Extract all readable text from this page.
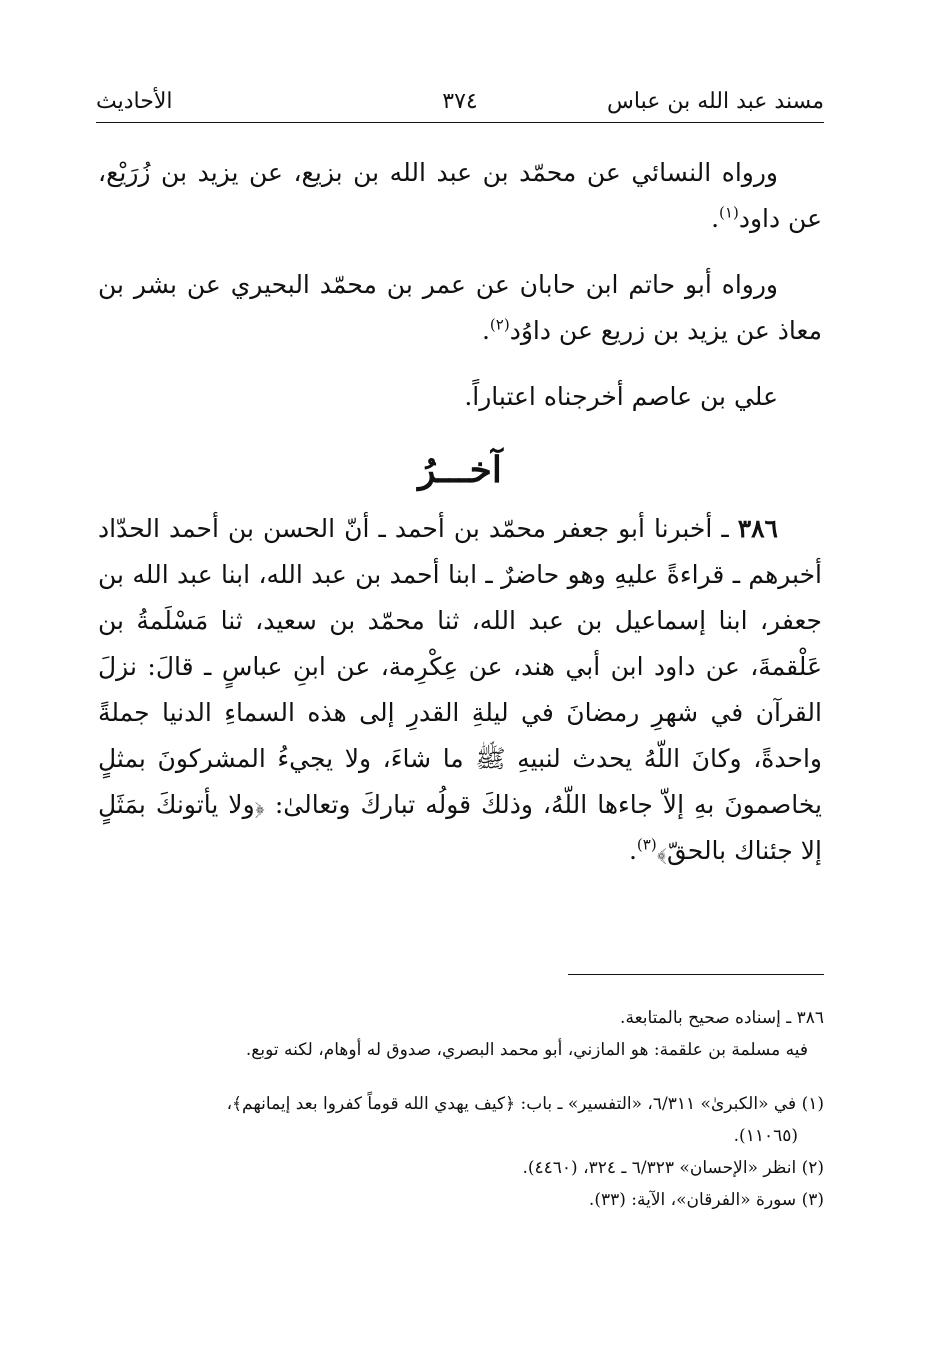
مسند عبد الله بن عباس
٣٧٤
الأحاديث

ورواه النسائي عن محمّد بن عبد الله بن بزيع، عن يزيد بن زُرَيْع، عن داود$^{(١)}$.

ورواه أبو حاتم ابن حابان عن عمر بن محمّد البحيري عن بشر بن معاذ عن يزيد بن زريع عن داوُد$^{(٢)}$.

علي بن عاصم أخرجناه اعتباراً.

آخـــرُ

٣٨٦ ـ أخبرنا أبو جعفر محمّد بن أحمد ـ أنّ الحسن بن أحمد الحدّاد أخبرهم ـ قراءةً عليهِ وهو حاضرٌ ـ ابنا أحمد بن عبد الله، ابنا عبد الله بن جعفر، ابنا إسماعيل بن عبد الله، ثنا محمّد بن سعيد، ثنا مَسْلَمةُ بن عَلْقمةَ، عن داود ابن أبي هند، عن عِكْرِمة، عن ابنِ عباسٍ ـ قالَ: نزلَ القرآن في شهرِ رمضانَ في ليلةِ القدرِ إلى هذه السماءِ الدنيا جملةً واحدةً، وكانَ اللّهُ يحدث لنبيهِ ﷺ ما شاءَ، ولا يجيءُ المشركونَ بمثلٍ يخاصمونَ بهِ إلاّ جاءها اللّهُ، وذلكَ قولُه تباركَ وتعالىٰ: ﴿ولا يأتونكَ بمَثَلٍ إلا جئناك بالحقّ﴾$^{(٣)}$.

٣٨٦ ـ إسناده صحيح بالمتابعة.

فيه مسلمة بن علقمة: هو المازني، أبو محمد البصري، صدوق له أوهام، لكنه توبع.

(١) في «الكبرىٰ» ٦/٣١١، «التفسير» ـ باب: ﴿كيف يهدي الله قوماً كفروا بعد إيمانهم﴾،

(١١٠٦٥).

(٢) انظر «الإحسان» ٦/٣٢٣ ـ ٣٢٤، (٤٤٦٠).

(٣) سورة «الفرقان»، الآية: (٣٣).
